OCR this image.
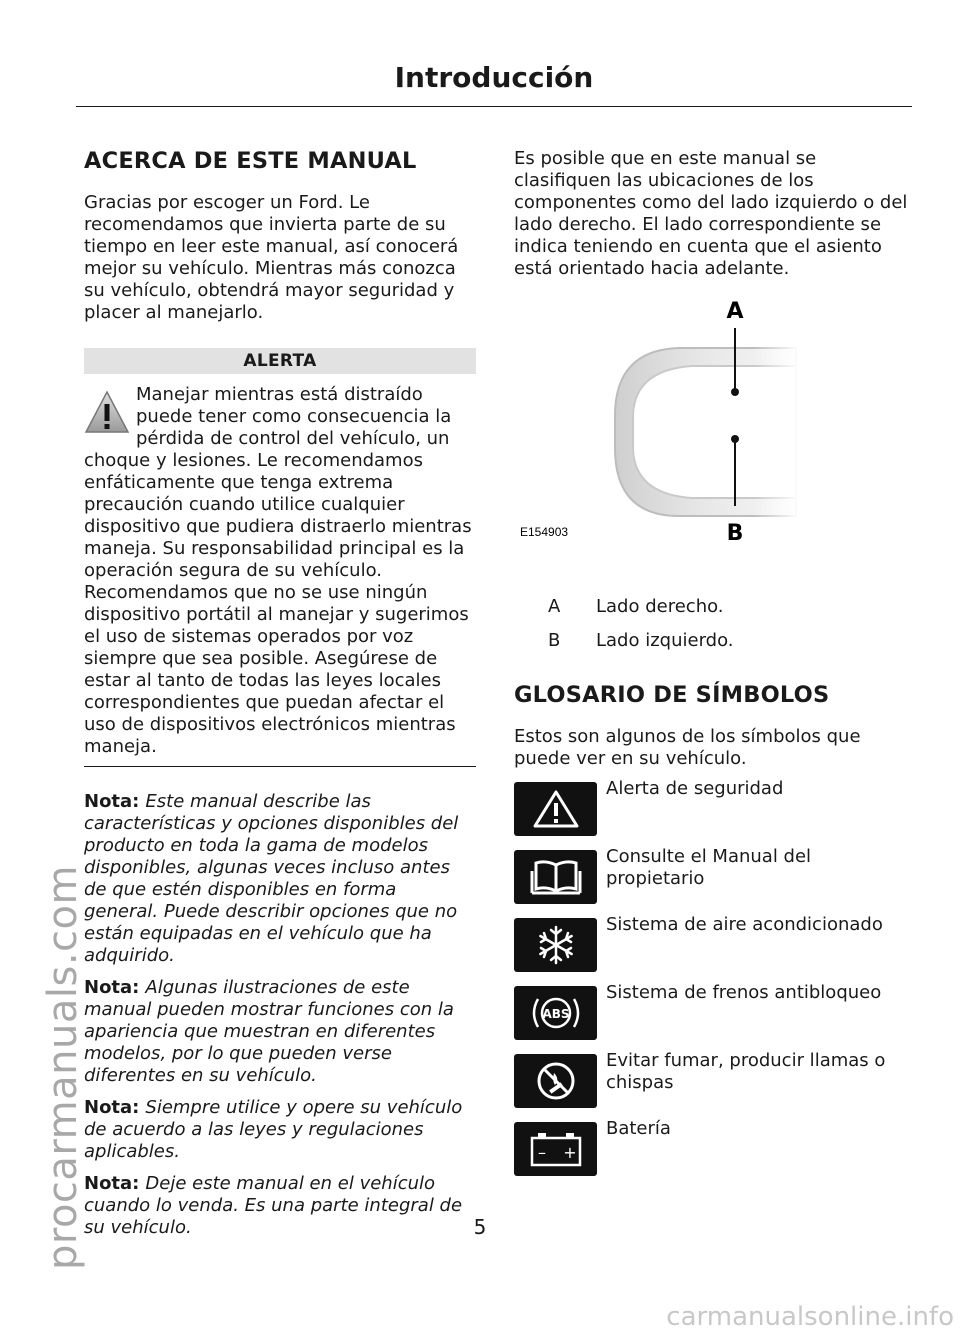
Introducción
ACERCA DE ESTE MANUAL

Gracias por escoger un Ford. Le recomendamos que invierta parte de su tiempo en leer este manual, así conocerá mejor su vehículo. Mientras más conozca su vehículo, obtendrá mayor seguridad y placer al manejarlo.

ALERTA
Manejar mientras está distraído puede tener como consecuencia la pérdida de control del vehículo, un choque y lesiones. Le recomendamos enfáticamente que tenga extrema precaución cuando utilice cualquier dispositivo que pudiera distraerlo mientras maneja. Su responsabilidad principal es la operación segura de su vehículo. Recomendamos que no se use ningún dispositivo portátil al manejar y sugerimos el uso de sistemas operados por voz siempre que sea posible. Asegúrese de estar al tanto de todas las leyes locales correspondientes que puedan afectar el uso de dispositivos electrónicos mientras maneja.

Nota: Este manual describe las características y opciones disponibles del producto en toda la gama de modelos disponibles, algunas veces incluso antes de que estén disponibles en forma general. Puede describir opciones que no están equipadas en el vehículo que ha adquirido.

Nota: Algunas ilustraciones de este manual pueden mostrar funciones con la apariencia que muestran en diferentes modelos, por lo que pueden verse diferentes en su vehículo.

Nota: Siempre utilice y opere su vehículo de acuerdo a las leyes y regulaciones aplicables.

Nota: Deje este manual en el vehículo cuando lo venda. Es una parte integral de su vehículo.

Es posible que en este manual se clasifiquen las ubicaciones de los componentes como del lado izquierdo o del lado derecho. El lado correspondiente se indica teniendo en cuenta que el asiento está orientado hacia adelante.

A
B
E154903
A	Lado derecho.
B	Lado izquierdo.
GLOSARIO DE SÍMBOLOS

Estos son algunos de los símbolos que puede ver en su vehículo.

Alerta de seguridad
Consulte el Manual del propietario
Sistema de aire acondicionado
ABS
Sistema de frenos antibloqueo
Evitar fumar, producir llamas o chispas
– +
Batería
5
procarmanuals.com
carmanualsonline.info
